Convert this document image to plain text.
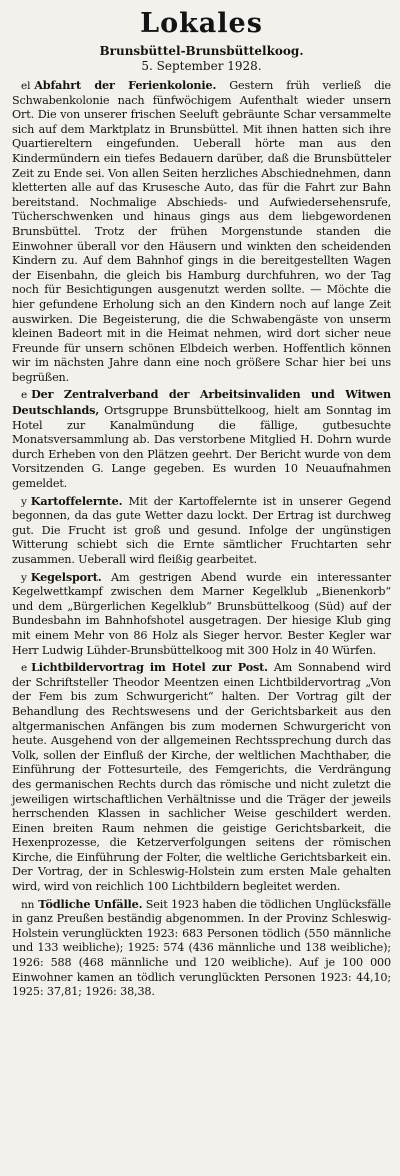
Lokales
Brunsbüttel-Brunsbüttelkoog.
5. September 1928.

el Abfahrt der Ferienkolonie. Gestern früh verließ die Schwabenkolonie nach fünfwöchigem Aufenthalt wieder unsern Ort. Die von unserer frischen Seeluft gebräunte Schar versammelte sich auf dem Marktplatz in Brunsbüttel. Mit ihnen hatten sich ihre Quartiereltern eingefunden. Ueberall hörte man aus den Kindermündern ein tiefes Bedauern darüber, daß die Brunsbütteler Zeit zu Ende sei. Von allen Seiten herzliches Abschiednehmen, dann kletterten alle auf das Krusesche Auto, das für die Fahrt zur Bahn bereitstand. Nochmalige Abschieds- und Aufwiedersehensrufe, Tücherschwenken und hinaus gings aus dem liebgewordenen Brunsbüttel. Trotz der frühen Morgenstunde standen die Einwohner überall vor den Häusern und winkten den scheidenden Kindern zu. Auf dem Bahnhof gings in die bereitgestellten Wagen der Eisenbahn, die gleich bis Hamburg durchfuhren, wo der Tag noch für Besichtigungen ausgenutzt werden sollte. — Möchte die hier gefundene Erholung sich an den Kindern noch auf lange Zeit auswirken. Die Begeisterung, die die Schwabengäste von unserm kleinen Badeort mit in die Heimat nehmen, wird dort sicher neue Freunde für unsern schönen Elbdeich werben. Hoffentlich können wir im nächsten Jahre dann eine noch größere Schar hier bei uns begrüßen.

e Der Zentralverband der Arbeitsinvaliden und Witwen Deutschlands, Ortsgruppe Brunsbüttelkoog, hielt am Sonntag im Hotel zur Kanalmündung die fällige, gutbesuchte Monatsversammlung ab. Das verstorbene Mitglied H. Dohrn wurde durch Erheben von den Plätzen geehrt. Der Bericht wurde von dem Vorsitzenden G. Lange gegeben. Es wurden 10 Neuaufnahmen gemeldet.

y Kartoffelernte. Mit der Kartoffelernte ist in unserer Gegend begonnen, da das gute Wetter dazu lockt. Der Ertrag ist durchweg gut. Die Frucht ist groß und gesund. Infolge der ungünstigen Witterung schiebt sich die Ernte sämtlicher Fruchtarten sehr zusammen. Ueberall wird fleißig gearbeitet.

y Kegelsport. Am gestrigen Abend wurde ein interessanter Kegelwettkampf zwischen dem Marner Kegelklub „Bienenkorb“ und dem „Bürgerlichen Kegelklub“ Brunsbüttelkoog (Süd) auf der Bundesbahn im Bahnhofshotel ausgetragen. Der hiesige Klub ging mit einem Mehr von 86 Holz als Sieger hervor. Bester Kegler war Herr Ludwig Lühder-Brunsbüttelkoog mit 300 Holz in 40 Würfen.

e Lichtbildervortrag im Hotel zur Post. Am Sonnabend wird der Schriftsteller Theodor Meentzen einen Lichtbildervortrag „Von der Fem bis zum Schwurgericht“ halten. Der Vortrag gilt der Behandlung des Rechtswesens und der Gerichtsbarkeit aus den altgermanischen Anfängen bis zum modernen Schwurgericht von heute. Ausgehend von der allgemeinen Rechtssprechung durch das Volk, sollen der Einfluß der Kirche, der weltlichen Machthaber, die Einführung der Fottesurteile, des Femgerichts, die Verdrängung des germanischen Rechts durch das römische und nicht zuletzt die jeweiligen wirtschaftlichen Verhältnisse und die Träger der jeweils herrschenden Klassen in sachlicher Weise geschildert werden. Einen breiten Raum nehmen die geistige Gerichtsbarkeit, die Hexenprozesse, die Ketzerverfolgungen seitens der römischen Kirche, die Einführung der Folter, die weltliche Gerichtsbarkeit ein. Der Vortrag, der in Schleswig-Holstein zum ersten Male gehalten wird, wird von reichlich 100 Lichtbildern begleitet werden.

nn Tödliche Unfälle. Seit 1923 haben die tödlichen Unglücksfälle in ganz Preußen beständig abgenommen. In der Provinz Schleswig-Holstein verunglückten 1923: 683 Personen tödlich (550 männliche und 133 weibliche); 1925: 574 (436 männliche und 138 weibliche); 1926: 588 (468 männliche und 120 weibliche). Auf je 100 000 Einwohner kamen an tödlich verunglückten Personen 1923: 44,10; 1925: 37,81; 1926: 38,38.
